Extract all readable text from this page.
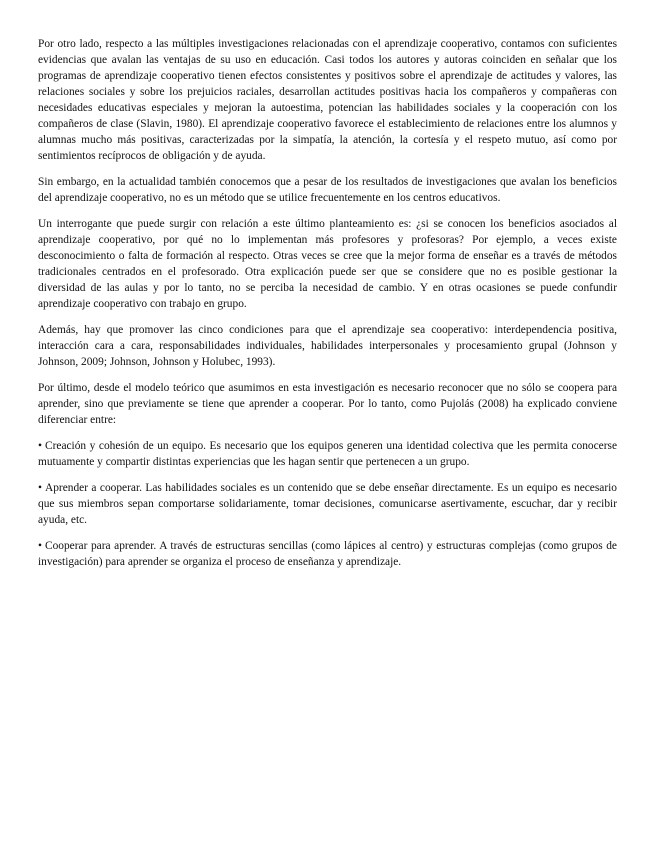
Por otro lado, respecto a las múltiples investigaciones relacionadas con el aprendizaje cooperativo, contamos con suficientes evidencias que avalan las ventajas de su uso en educación. Casi todos los autores y autoras coinciden en señalar que los programas de aprendizaje cooperativo tienen efectos consistentes y positivos sobre el aprendizaje de actitudes y valores, las relaciones sociales y sobre los prejuicios raciales, desarrollan actitudes positivas hacia los compañeros y compañeras con necesidades educativas especiales y mejoran la autoestima, potencian las habilidades sociales y la cooperación con los compañeros de clase (Slavin, 1980). El aprendizaje cooperativo favorece el establecimiento de relaciones entre los alumnos y alumnas mucho más positivas, caracterizadas por la simpatía, la atención, la cortesía y el respeto mutuo, así como por sentimientos recíprocos de obligación y de ayuda.

Sin embargo, en la actualidad también conocemos que a pesar de los resultados de investigaciones que avalan los beneficios del aprendizaje cooperativo, no es un método que se utilice frecuentemente en los centros educativos.

Un interrogante que puede surgir con relación a este último planteamiento es: ¿si se conocen los beneficios asociados al aprendizaje cooperativo, por qué no lo implementan más profesores y profesoras? Por ejemplo, a veces existe desconocimiento o falta de formación al respecto. Otras veces se cree que la mejor forma de enseñar es a través de métodos tradicionales centrados en el profesorado. Otra explicación puede ser que se considere que no es posible gestionar la diversidad de las aulas y por lo tanto, no se perciba la necesidad de cambio. Y en otras ocasiones se puede confundir aprendizaje cooperativo con trabajo en grupo.

Además, hay que promover las cinco condiciones para que el aprendizaje sea cooperativo: interdependencia positiva, interacción cara a cara, responsabilidades individuales, habilidades interpersonales y procesamiento grupal (Johnson y Johnson, 2009; Johnson, Johnson y Holubec, 1993).

Por último, desde el modelo teórico que asumimos en esta investigación es necesario reconocer que no sólo se coopera para aprender, sino que previamente se tiene que aprender a cooperar. Por lo tanto, como Pujolás (2008) ha explicado conviene diferenciar entre:

• Creación y cohesión de un equipo. Es necesario que los equipos generen una identidad colectiva que les permita conocerse mutuamente y compartir distintas experiencias que les hagan sentir que pertenecen a un grupo.

• Aprender a cooperar. Las habilidades sociales es un contenido que se debe enseñar directamente. Es un equipo es necesario que sus miembros sepan comportarse solidariamente, tomar decisiones, comunicarse asertivamente, escuchar, dar y recibir ayuda, etc.

• Cooperar para aprender. A través de estructuras sencillas (como lápices al centro) y estructuras complejas (como grupos de investigación) para aprender se organiza el proceso de enseñanza y aprendizaje.
